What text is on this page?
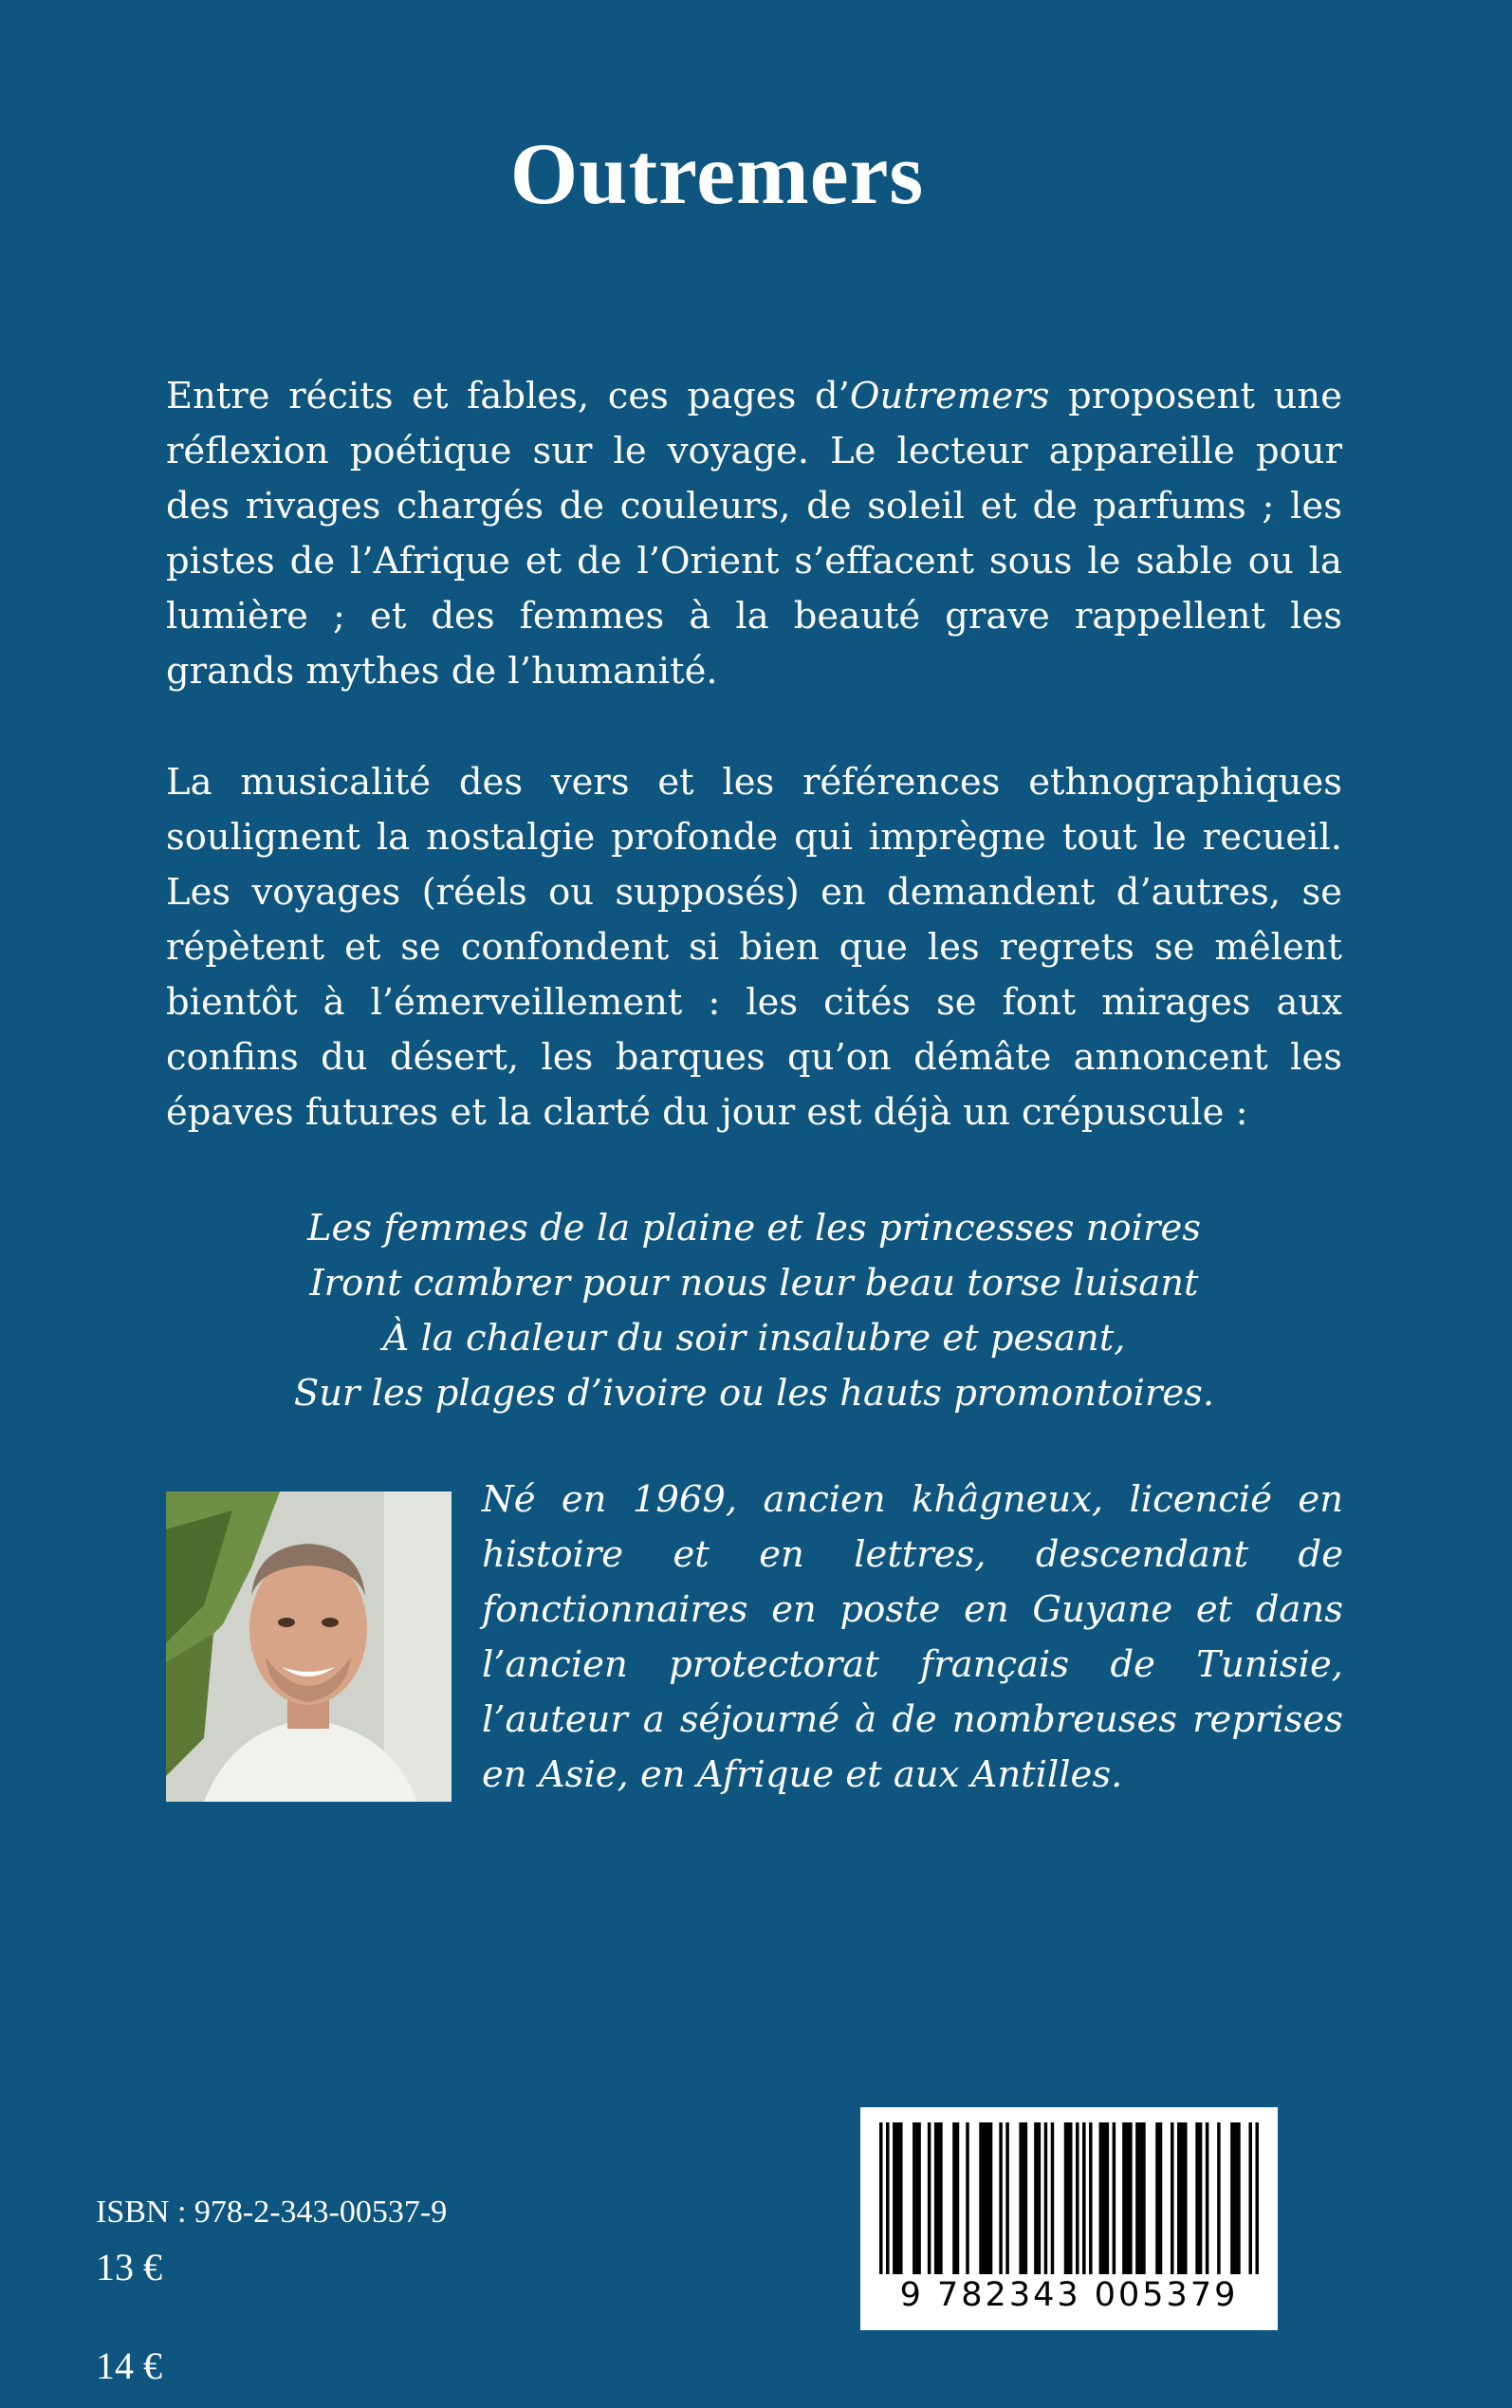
Outremers

Entre récits et fables, ces pages d’Outremers proposent une réflexion poétique sur le voyage. Le lecteur appareille pour des rivages chargés de couleurs, de soleil et de parfums ; les pistes de l’Afrique et de l’Orient s’effacent sous le sable ou la lumière ; et des femmes à la beauté grave rappellent les grands mythes de l’humanité.

La musicalité des vers et les références ethnographiques soulignent la nostalgie profonde qui imprègne tout le recueil. Les voyages (réels ou supposés) en demandent d’autres, se répètent et se confondent si bien que les regrets se mêlent bientôt à l’émerveillement : les cités se font mirages aux confins du désert, les barques qu’on démâte annoncent les épaves futures et la clarté du jour est déjà un crépuscule :

Les femmes de la plaine et les princesses noires
Iront cambrer pour nous leur beau torse luisant
À la chaleur du soir insalubre et pesant,
Sur les plages d’ivoire ou les hauts promontoires.

Né en 1969, ancien khâgneux, licencié en histoire et en lettres, descendant de fonctionnaires en poste en Guyane et dans l’ancien protectorat français de Tunisie, l’auteur a séjourné à de nombreuses reprises en Asie, en Afrique et aux Antilles.

ISBN : 978-2-343-00537-9
13 €
14 €
9 782343 005379
